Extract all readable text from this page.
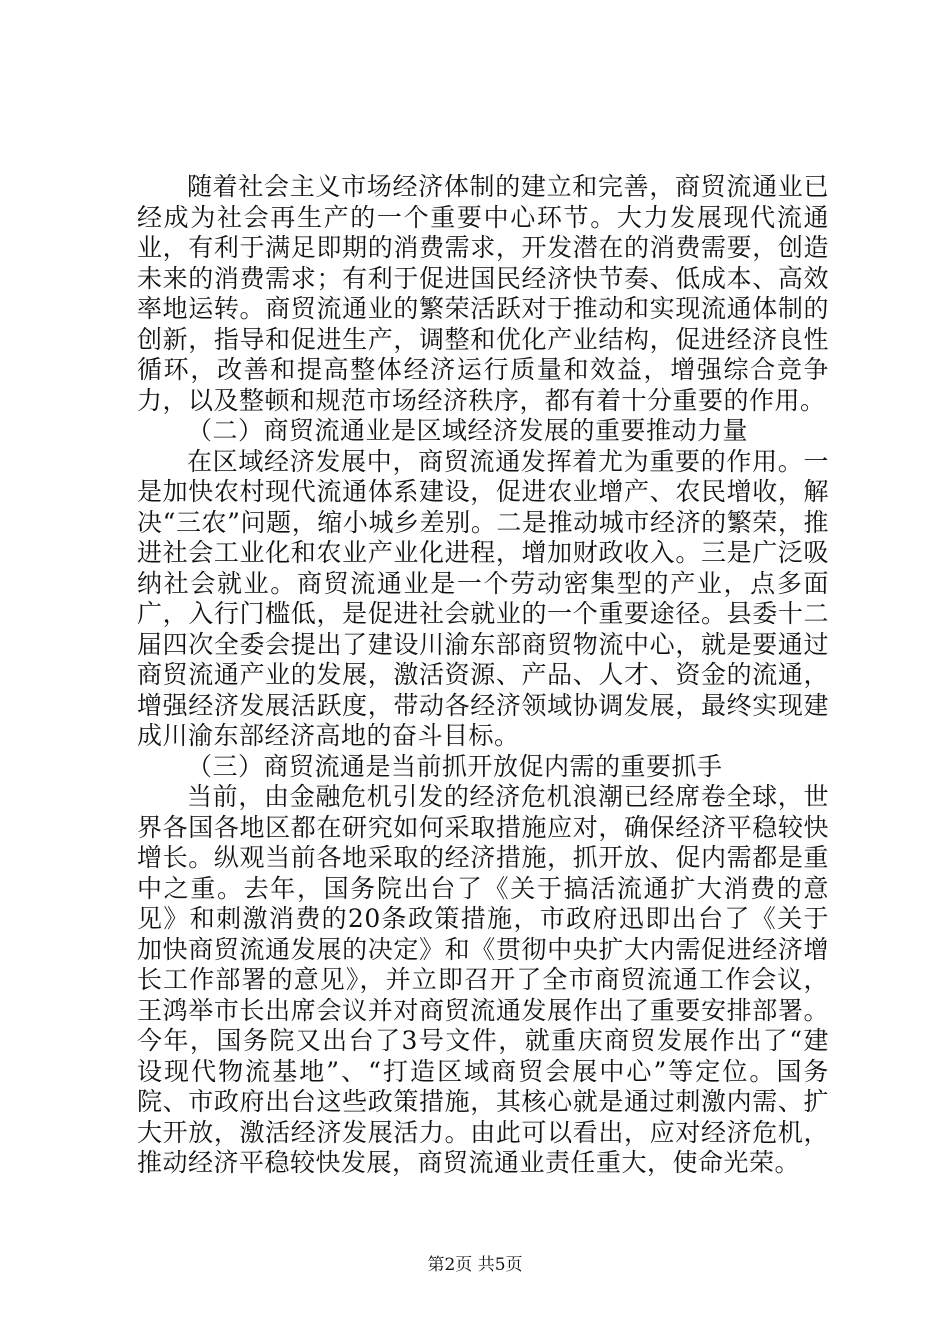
随着社会主义市场经济体制的建立和完善，商贸流通业已经成为社会再生产的一个重要中心环节。大力发展现代流通业，有利于满足即期的消费需求，开发潜在的消费需要，创造未来的消费需求；有利于促进国民经济快节奏、低成本、高效率地运转。商贸流通业的繁荣活跃对于推动和实现流通体制的创新，指导和促进生产，调整和优化产业结构，促进经济良性循环，改善和提高整体经济运行质量和效益，增强综合竞争力，以及整顿和规范市场经济秩序，都有着十分重要的作用。

（二）商贸流通业是区域经济发展的重要推动力量

在区域经济发展中，商贸流通发挥着尤为重要的作用。一是加快农村现代流通体系建设，促进农业增产、农民增收，解决“三农”问题，缩小城乡差别。二是推动城市经济的繁荣，推进社会工业化和农业产业化进程，增加财政收入。三是广泛吸纳社会就业。商贸流通业是一个劳动密集型的产业，点多面广，入行门槛低，是促进社会就业的一个重要途径。县委十二届四次全委会提出了建设川渝东部商贸物流中心，就是要通过商贸流通产业的发展，激活资源、产品、人才、资金的流通，增强经济发展活跃度，带动各经济领域协调发展，最终实现建成川渝东部经济高地的奋斗目标。

（三）商贸流通是当前抓开放促内需的重要抓手

当前，由金融危机引发的经济危机浪潮已经席卷全球，世界各国各地区都在研究如何采取措施应对，确保经济平稳较快增长。纵观当前各地采取的经济措施，抓开放、促内需都是重中之重。去年，国务院出台了《关于搞活流通扩大消费的意见》和刺激消费的20条政策措施，市政府迅即出台了《关于加快商贸流通发展的决定》和《贯彻中央扩大内需促进经济增长工作部署的意见》，并立即召开了全市商贸流通工作会议，王鸿举市长出席会议并对商贸流通发展作出了重要安排部署。今年，国务院又出台了3号文件，就重庆商贸发展作出了“建设现代物流基地”、“打造区域商贸会展中心”等定位。国务院、市政府出台这些政策措施，其核心就是通过刺激内需、扩大开放，激活经济发展活力。由此可以看出，应对经济危机，推动经济平稳较快发展，商贸流通业责任重大，使命光荣。

第2页 共5页
